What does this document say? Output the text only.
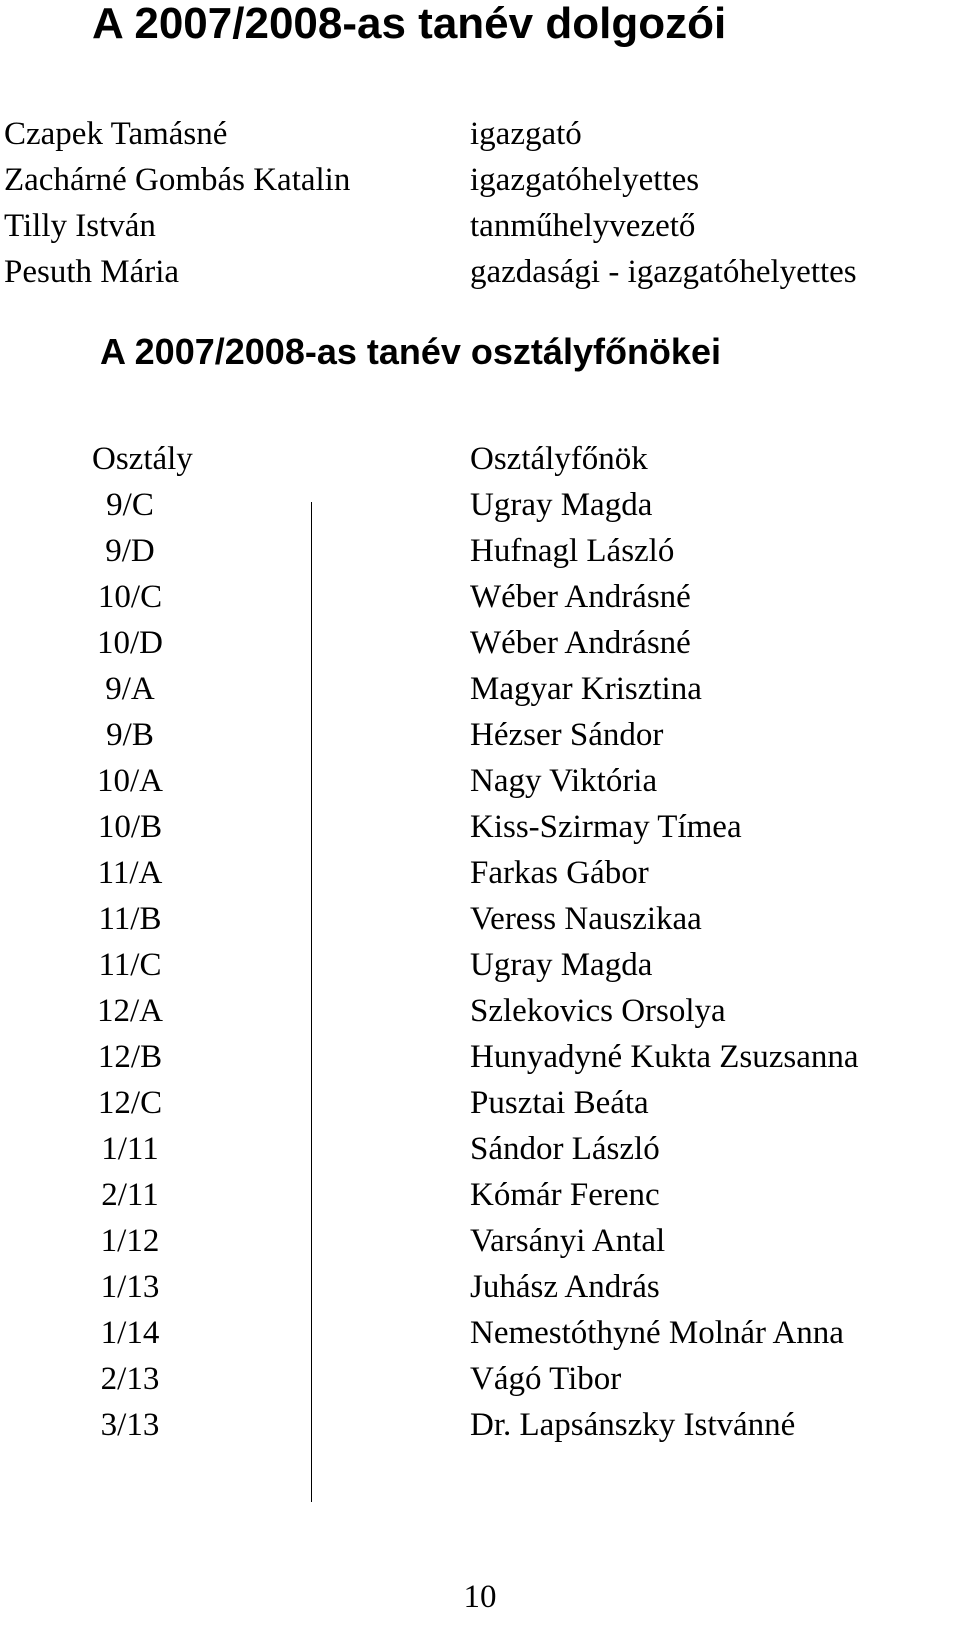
A 2007/2008-as tanév dolgozói
Czapek Tamásné	igazgató
Zachárné Gombás Katalin	igazgatóhelyettes
Tilly István	tanműhelyvezető
Pesuth Mária	gazdasági - igazgatóhelyettes
A 2007/2008-as tanév osztályfőnökei
Osztály	Osztályfőnök
9/C	Ugray Magda
9/D	Hufnagl László
10/C	Wéber Andrásné
10/D	Wéber Andrásné
9/A	Magyar Krisztina
9/B	Hézser Sándor
10/A	Nagy Viktória
10/B	Kiss-Szirmay Tímea
11/A	Farkas Gábor
11/B	Veress Nauszikaa
11/C	Ugray Magda
12/A	Szlekovics Orsolya
12/B	Hunyadyné Kukta Zsuzsanna
12/C	Pusztai Beáta
1/11	Sándor László
2/11	Kómár Ferenc
1/12	Varsányi Antal
1/13	Juhász András
1/14	Nemestóthyné Molnár Anna
2/13	Vágó Tibor
3/13	Dr. Lapsánszky Istvánné
10
